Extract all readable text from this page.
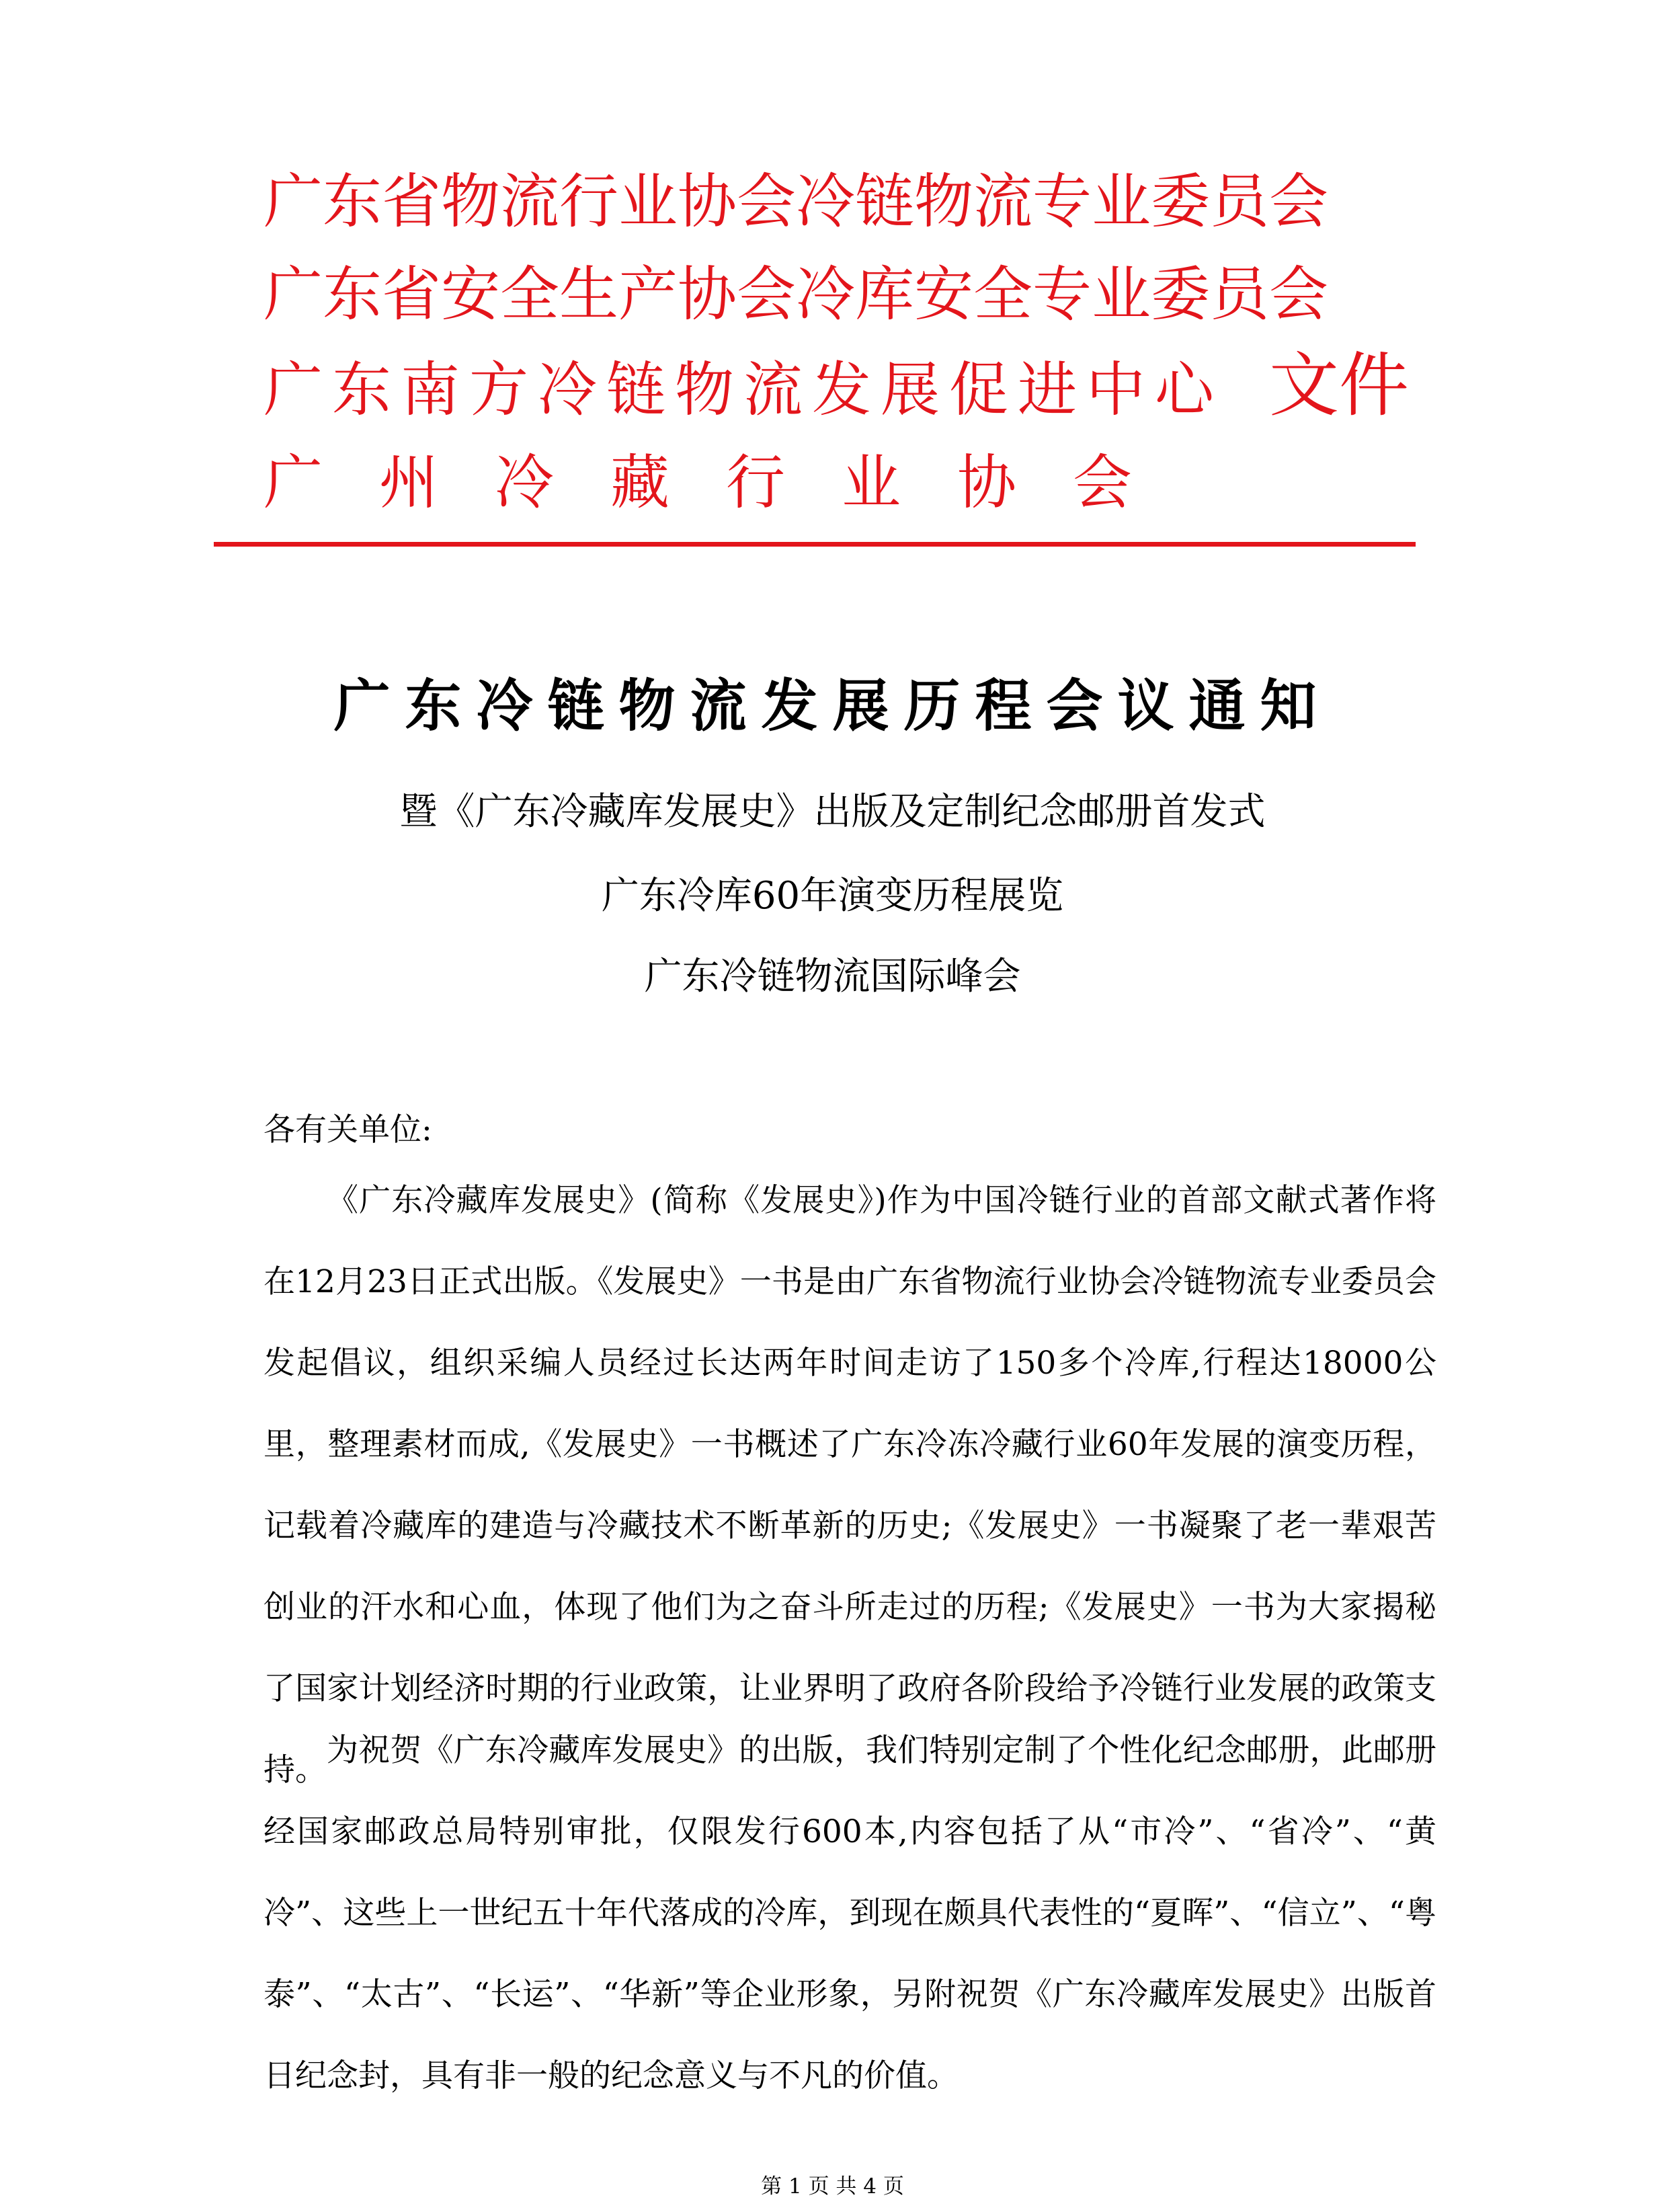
广东省物流行业协会冷链物流专业委员会
广东省安全生产协会冷库安全专业委员会
广东南方冷链物流发展促进中心
广州冷藏行业协会
文件
广东冷链物流发展历程会议通知
暨《广东冷藏库发展史》出版及定制纪念邮册首发式
广东冷库60年演变历程展览
广东冷链物流国际峰会
各有关单位:
《广东冷藏库发展史》(简称《发展史》)作为中国冷链行业的首部文献式著作将在12月23日正式出版。《发展史》一书是由广东省物流行业协会冷链物流专业委员会发起倡议，组织采编人员经过长达两年时间走访了150多个冷库,行程达18000公里，整理素材而成,《发展史》一书概述了广东冷冻冷藏行业60年发展的演变历程，记载着冷藏库的建造与冷藏技术不断革新的历史;《发展史》一书凝聚了老一辈艰苦创业的汗水和心血，体现了他们为之奋斗所走过的历程;《发展史》一书为大家揭秘了国家计划经济时期的行业政策，让业界明了政府各阶段给予冷链行业发展的政策支持。
为祝贺《广东冷藏库发展史》的出版，我们特别定制了个性化纪念邮册，此邮册经国家邮政总局特别审批，仅限发行600本,内容包括了从“市冷”、“省冷”、“黄冷”、这些上一世纪五十年代落成的冷库，到现在颇具代表性的“夏晖”、“信立”、“粤泰”、“太古”、“长运”、“华新”等企业形象，另附祝贺《广东冷藏库发展史》出版首日纪念封，具有非一般的纪念意义与不凡的价值。
第 1 页 共 4 页
